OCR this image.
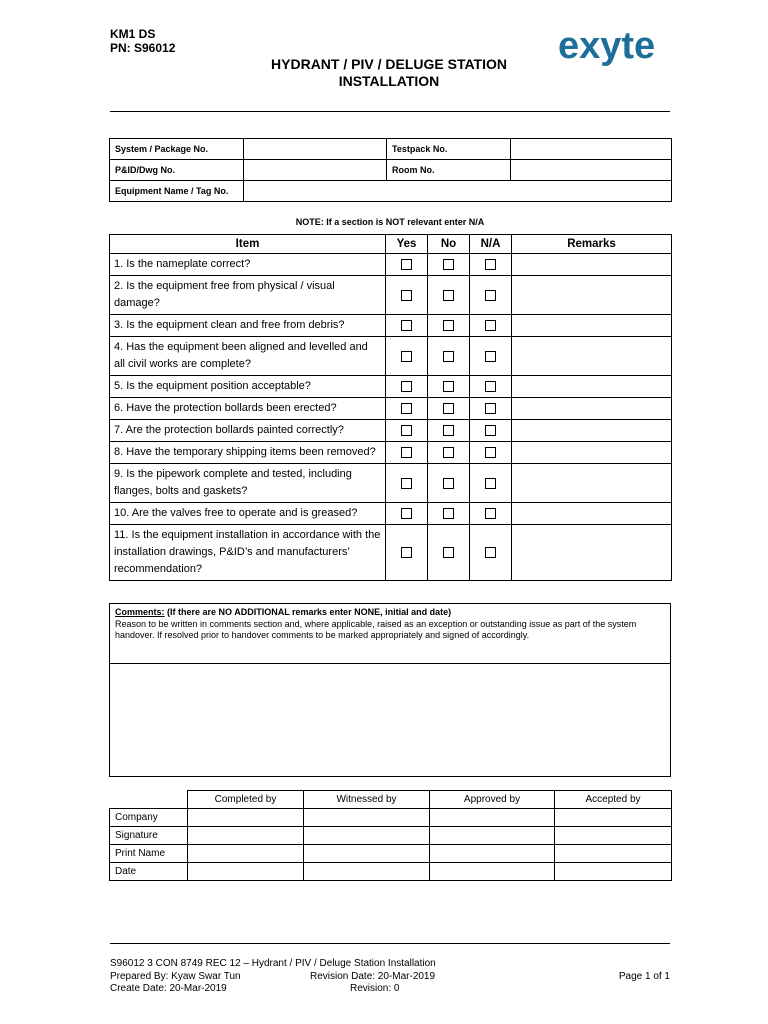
KM1 DS
PN: S96012
HYDRANT / PIV / DELUGE STATION
INSTALLATION
exyte
System / Package No.		Testpack No.	
P&ID/Dwg No.		Room No.	
Equipment Name / Tag No.			
NOTE: If a section is NOT relevant enter N/A
Item	Yes	No	N/A	Remarks
1. Is the nameplate correct?				
2. Is the equipment free from physical / visual damage?				
3. Is the equipment clean and free from debris?				
4. Has the equipment been aligned and levelled and all civil works are complete?				
5. Is the equipment position acceptable?				
6. Have the protection bollards been erected?				
7. Are the protection bollards painted correctly?				
8. Have the temporary shipping items been removed?				
9. Is the pipework complete and tested, including flanges, bolts and gaskets?				
10. Are the valves free to operate and is greased?				
11. Is the equipment installation in accordance with the installation drawings, P&ID’s and manufacturers’ recommendation?				
Comments: (If there are NO ADDITIONAL remarks enter NONE, initial and date)
Reason to be written in comments section and, where applicable, raised as an exception or outstanding issue as part of the system handover. If resolved prior to handover comments to be marked appropriately and signed of accordingly.
	Completed by	Witnessed by	Approved by	Accepted by
Company				
Signature				
Print Name				
Date				
S96012 3 CON 8749 REC 12 – Hydrant / PIV / Deluge Station Installation
Prepared By: Kyaw Swar Tun	Revision Date: 20-Mar-2019	Page 1 of 1
Create Date: 20-Mar-2019	Revision: 0
